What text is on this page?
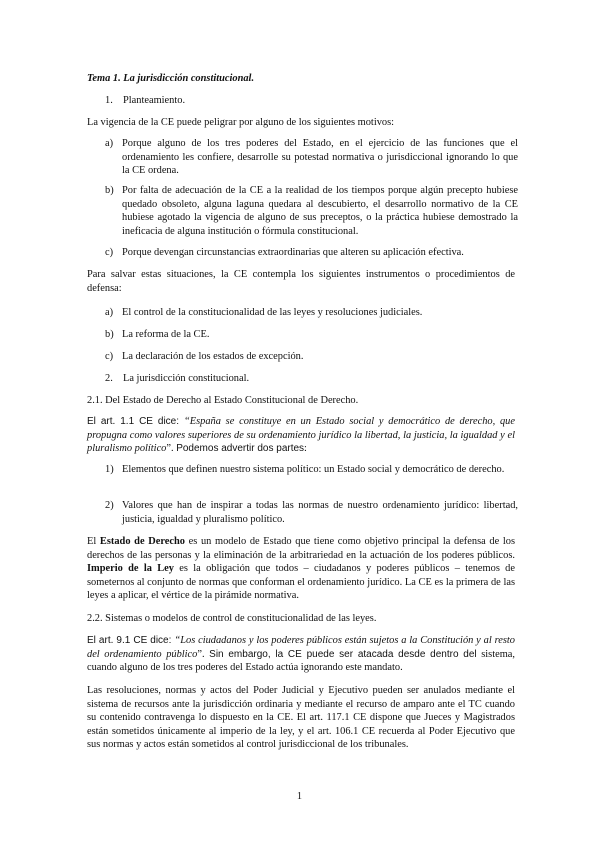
Tema 1. La jurisdicción constitucional.
1. Planteamiento.
La vigencia de la CE puede peligrar por alguno de los siguientes motivos:
a) Porque alguno de los tres poderes del Estado, en el ejercicio de las funciones que el ordenamiento les confiere, desarrolle su potestad normativa o jurisdiccional ignorando lo que la CE ordena.
b) Por falta de adecuación de la CE a la realidad de los tiempos porque algún precepto hubiese quedado obsoleto, alguna laguna quedara al descubierto, el desarrollo normativo de la CE hubiese agotado la vigencia de alguno de sus preceptos, o la práctica hubiese demostrado la ineficacia de alguna institución o fórmula constitucional.
c) Porque devengan circunstancias extraordinarias que alteren su aplicación efectiva.
Para salvar estas situaciones, la CE contempla los siguientes instrumentos o procedimientos de defensa:
a) El control de la constitucionalidad de las leyes y resoluciones judiciales.
b) La reforma de la CE.
c) La declaración de los estados de excepción.
2. La jurisdicción constitucional.
2.1. Del Estado de Derecho al Estado Constitucional de Derecho.
El art. 1.1 CE dice: “España se constituye en un Estado social y democrático de derecho, que propugna como valores superiores de su ordenamiento jurídico la libertad, la justicia, la igualdad y el pluralismo político”. Podemos advertir dos partes:
1) Elementos que definen nuestro sistema político: un Estado social y democrático de derecho.
2) Valores que han de inspirar a todas las normas de nuestro ordenamiento jurídico: libertad, justicia, igualdad y pluralismo político.
El Estado de Derecho es un modelo de Estado que tiene como objetivo principal la defensa de los derechos de las personas y la eliminación de la arbitrariedad en la actuación de los poderes públicos. Imperio de la Ley es la obligación que todos – ciudadanos y poderes públicos – tenemos de someternos al conjunto de normas que conforman el ordenamiento jurídico. La CE es la primera de las leyes a aplicar, el vértice de la pirámide normativa.
2.2. Sistemas o modelos de control de constitucionalidad de las leyes.
El art. 9.1 CE dice: “Los ciudadanos y los poderes públicos están sujetos a la Constitución y al resto del ordenamiento público”. Sin embargo, la CE puede ser atacada desde dentro del sistema, cuando alguno de los tres poderes del Estado actúa ignorando este mandato.
Las resoluciones, normas y actos del Poder Judicial y Ejecutivo pueden ser anulados mediante el sistema de recursos ante la jurisdicción ordinaria y mediante el recurso de amparo ante el TC cuando su contenido contravenga lo dispuesto en la CE. El art. 117.1 CE dispone que Jueces y Magistrados están sometidos únicamente al imperio de la ley, y el art. 106.1 CE recuerda al Poder Ejecutivo que sus normas y actos están sometidos al control jurisdiccional de los tribunales.
1
